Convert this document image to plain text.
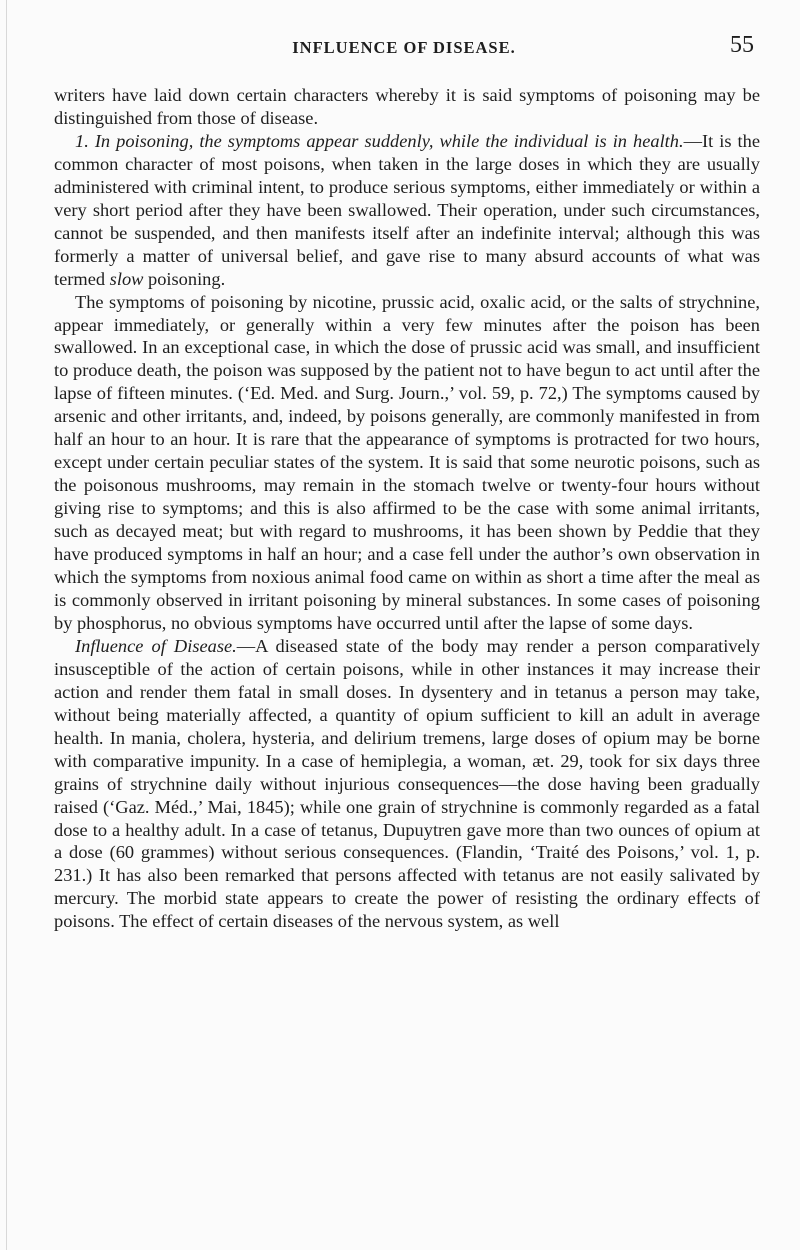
INFLUENCE OF DISEASE.	55

writers have laid down certain characters whereby it is said symptoms of poisoning may be distinguished from those of disease.

1. In poisoning, the symptoms appear suddenly, while the individual is in health.—It is the common character of most poisons, when taken in the large doses in which they are usually administered with criminal intent, to produce serious symptoms, either immediately or within a very short period after they have been swallowed. Their operation, under such circumstances, cannot be suspended, and then manifests itself after an indefinite interval; although this was formerly a matter of universal belief, and gave rise to many absurd accounts of what was termed slow poisoning.

The symptoms of poisoning by nicotine, prussic acid, oxalic acid, or the salts of strychnine, appear immediately, or generally within a very few minutes after the poison has been swallowed. In an exceptional case, in which the dose of prussic acid was small, and insufficient to produce death, the poison was supposed by the patient not to have begun to act until after the lapse of fifteen minutes. (‘Ed. Med. and Surg. Journ.,’ vol. 59, p. 72,) The symptoms caused by arsenic and other irritants, and, indeed, by poisons generally, are commonly manifested in from half an hour to an hour. It is rare that the appearance of symptoms is protracted for two hours, except under certain peculiar states of the system. It is said that some neurotic poisons, such as the poisonous mushrooms, may remain in the stomach twelve or twenty-four hours without giving rise to symptoms; and this is also affirmed to be the case with some animal irritants, such as decayed meat; but with regard to mushrooms, it has been shown by Peddie that they have produced symptoms in half an hour; and a case fell under the author’s own observation in which the symptoms from noxious animal food came on within as short a time after the meal as is commonly observed in irritant poisoning by mineral substances. In some cases of poisoning by phosphorus, no obvious symptoms have occurred until after the lapse of some days.

Influence of Disease.—A diseased state of the body may render a person comparatively insusceptible of the action of certain poisons, while in other instances it may increase their action and render them fatal in small doses. In dysentery and in tetanus a person may take, without being materially affected, a quantity of opium sufficient to kill an adult in average health. In mania, cholera, hysteria, and delirium tremens, large doses of opium may be borne with comparative impunity. In a case of hemiplegia, a woman, æt. 29, took for six days three grains of strychnine daily without injurious consequences—the dose having been gradually raised (‘Gaz. Méd.,’ Mai, 1845); while one grain of strychnine is commonly regarded as a fatal dose to a healthy adult. In a case of tetanus, Dupuytren gave more than two ounces of opium at a dose (60 grammes) without serious consequences. (Flandin, ‘Traité des Poisons,’ vol. 1, p. 231.) It has also been remarked that persons affected with tetanus are not easily salivated by mercury. The morbid state appears to create the power of resisting the ordinary effects of poisons. The effect of certain diseases of the nervous system, as well
